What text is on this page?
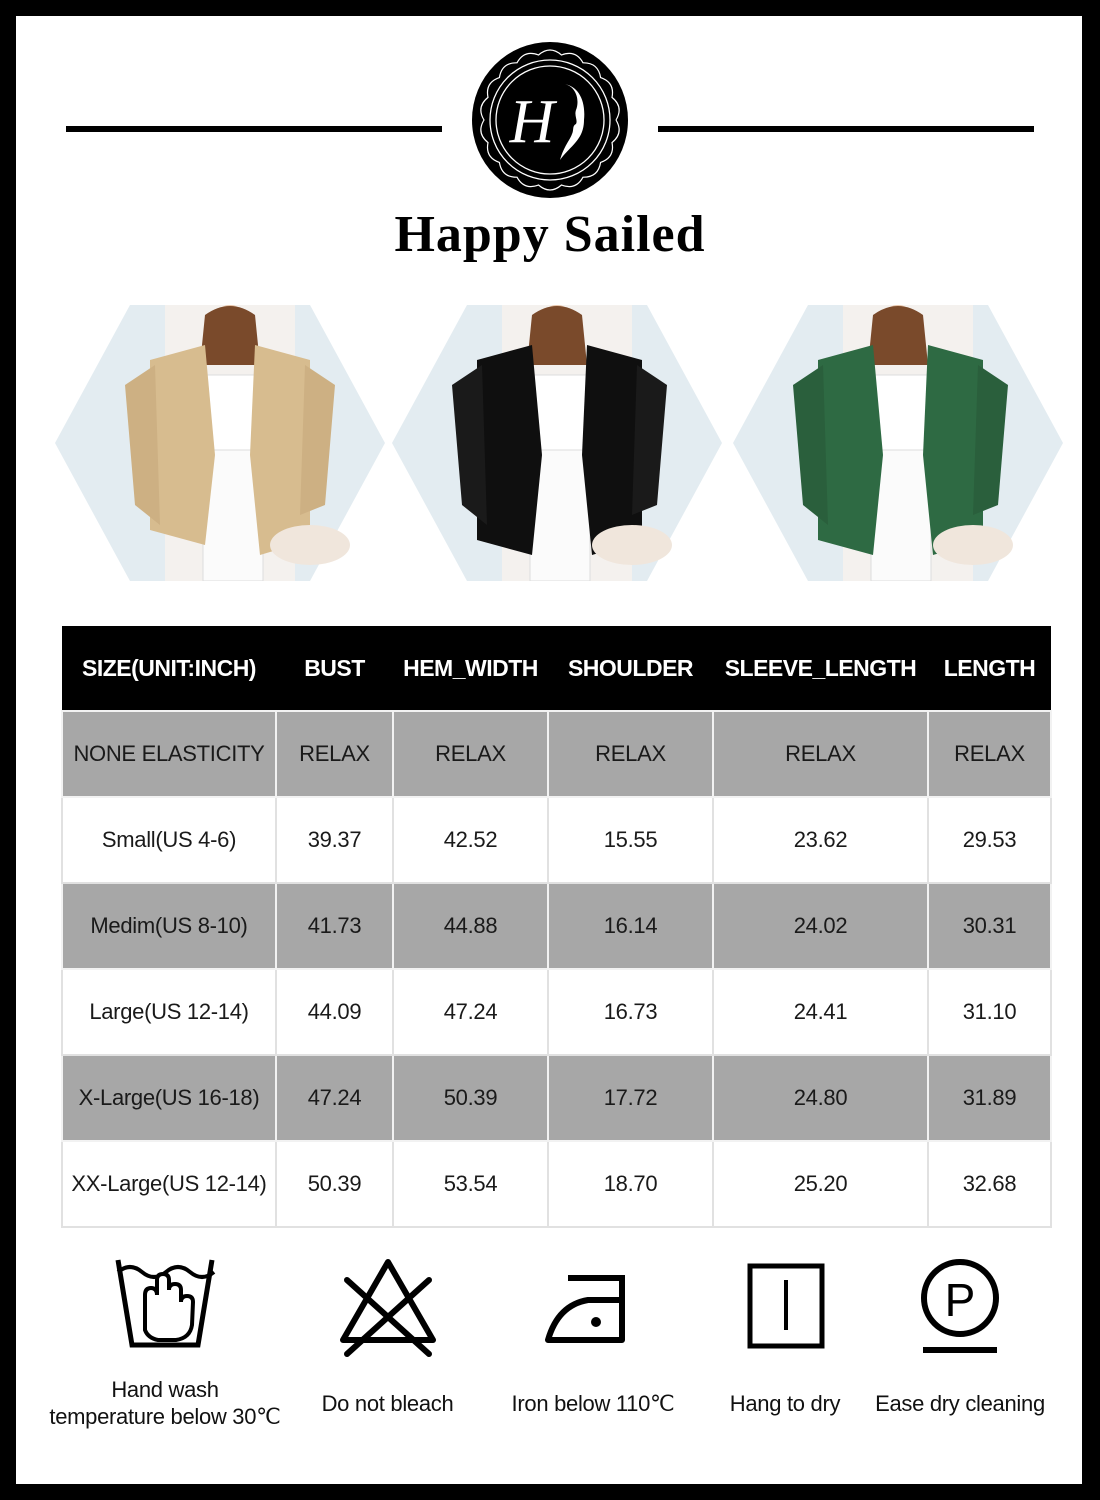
H
Happy Sailed
SIZE(UNIT:INCH)	BUST	HEM_WIDTH	SHOULDER	SLEEVE_LENGTH	LENGTH
NONE ELASTICITY	RELAX	RELAX	RELAX	RELAX	RELAX
Small(US 4-6)	39.37	42.52	15.55	23.62	29.53
Medim(US 8-10)	41.73	44.88	16.14	24.02	30.31
Large(US 12-14)	44.09	47.24	16.73	24.41	31.10
X-Large(US 16-18)	47.24	50.39	17.72	24.80	31.89
XX-Large(US 12-14)	50.39	53.54	18.70	25.20	32.68
Hand wash
temperature below 30℃
Do not bleach	Iron below 110℃	Hang to dry
P
Ease dry cleaning
